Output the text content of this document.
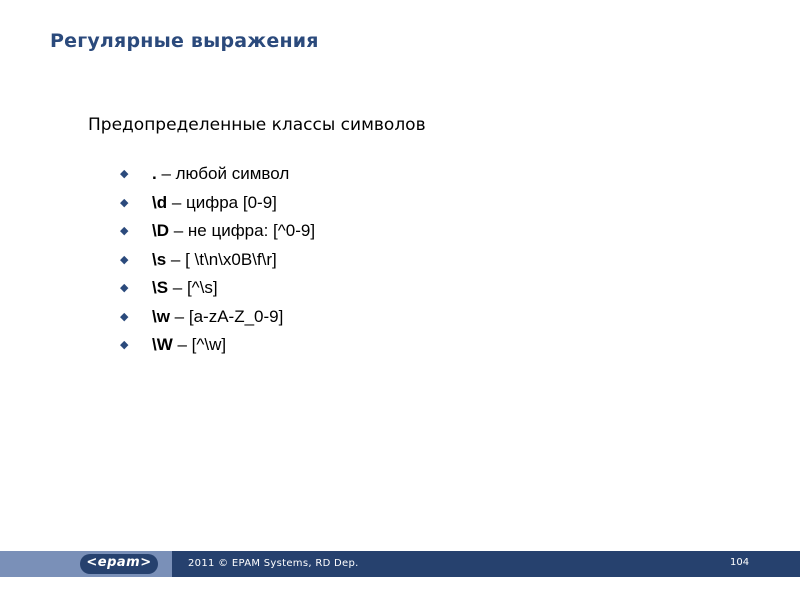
Регулярные выражения
Предопределенные классы символов
◆ . – любой символ
◆ \d – цифра [0-9]
◆ \D – не цифра: [^0-9]
◆ \s – [ \t\n\x0B\f\r]
◆ \S – [^\s]
◆ \w – [a-zA-Z_0-9]
◆ \W – [^\w]
<epam>	2011 © EPAM Systems, RD Dep.	104
